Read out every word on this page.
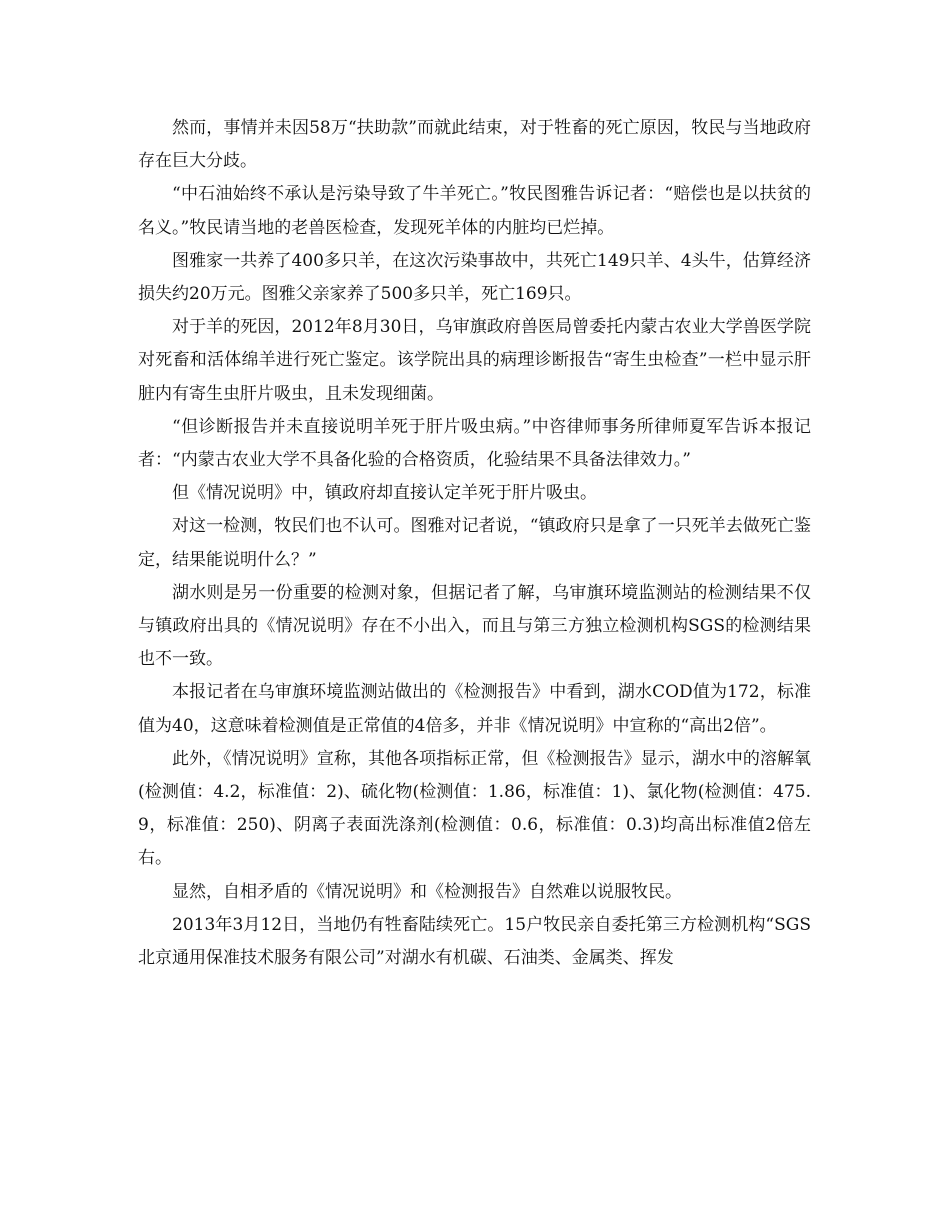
然而，事情并未因58万“扶助款”而就此结束，对于牲畜的死亡原因，牧民与当地政府存在巨大分歧。

“中石油始终不承认是污染导致了牛羊死亡。”牧民图雅告诉记者：“赔偿也是以扶贫的名义。”牧民请当地的老兽医检查，发现死羊体的内脏均已烂掉。

图雅家一共养了400多只羊，在这次污染事故中，共死亡149只羊、4头牛，估算经济损失约20万元。图雅父亲家养了500多只羊，死亡169只。

对于羊的死因，2012年8月30日，乌审旗政府兽医局曾委托内蒙古农业大学兽医学院对死畜和活体绵羊进行死亡鉴定。该学院出具的病理诊断报告“寄生虫检查”一栏中显示肝脏内有寄生虫肝片吸虫，且未发现细菌。

“但诊断报告并未直接说明羊死于肝片吸虫病。”中咨律师事务所律师夏军告诉本报记者：“内蒙古农业大学不具备化验的合格资质，化验结果不具备法律效力。”

但《情况说明》中，镇政府却直接认定羊死于肝片吸虫。

对这一检测，牧民们也不认可。图雅对记者说，“镇政府只是拿了一只死羊去做死亡鉴定，结果能说明什么？”

湖水则是另一份重要的检测对象，但据记者了解，乌审旗环境监测站的检测结果不仅与镇政府出具的《情况说明》存在不小出入，而且与第三方独立检测机构SGS的检测结果也不一致。

本报记者在乌审旗环境监测站做出的《检测报告》中看到，湖水COD值为172，标准值为40，这意味着检测值是正常值的4倍多，并非《情况说明》中宣称的“高出2倍”。

此外，《情况说明》宣称，其他各项指标正常，但《检测报告》显示，湖水中的溶解氧(检测值：4.2，标准值：2)、硫化物(检测值：1.86，标准值：1)、氯化物(检测值：475.9，标准值：250)、阴离子表面洗涤剂(检测值：0.6，标准值：0.3)均高出标准值2倍左右。

显然，自相矛盾的《情况说明》和《检测报告》自然难以说服牧民。

2013年3月12日，当地仍有牲畜陆续死亡。15户牧民亲自委托第三方检测机构“SGS北京通用保准技术服务有限公司”对湖水有机碳、石油类、金属类、挥发
